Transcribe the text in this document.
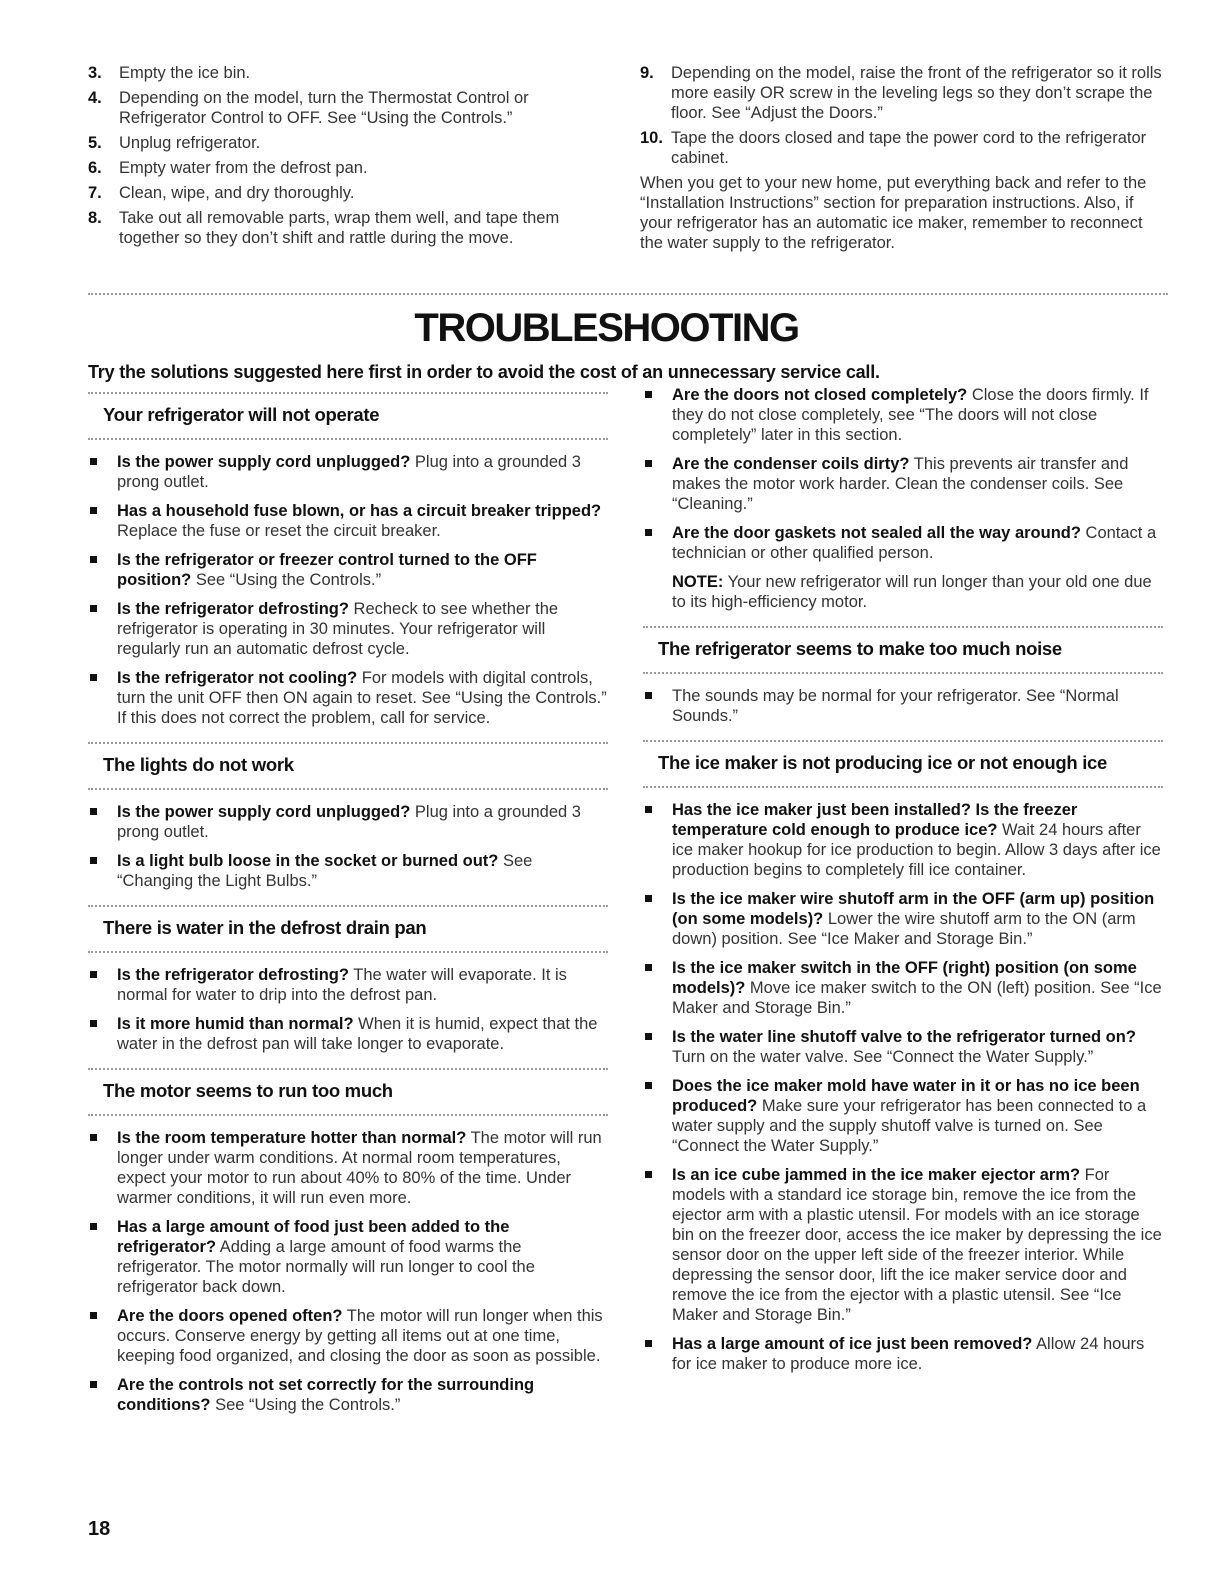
3. Empty the ice bin.
4. Depending on the model, turn the Thermostat Control or Refrigerator Control to OFF. See “Using the Controls.”
5. Unplug refrigerator.
6. Empty water from the defrost pan.
7. Clean, wipe, and dry thoroughly.
8. Take out all removable parts, wrap them well, and tape them together so they don’t shift and rattle during the move.
9. Depending on the model, raise the front of the refrigerator so it rolls more easily OR screw in the leveling legs so they don’t scrape the floor. See “Adjust the Doors.”
10. Tape the doors closed and tape the power cord to the refrigerator cabinet.
When you get to your new home, put everything back and refer to the “Installation Instructions” section for preparation instructions. Also, if your refrigerator has an automatic ice maker, remember to reconnect the water supply to the refrigerator.
TROUBLESHOOTING
Try the solutions suggested here first in order to avoid the cost of an unnecessary service call.
Your refrigerator will not operate
Is the power supply cord unplugged? Plug into a grounded 3 prong outlet.
Has a household fuse blown, or has a circuit breaker tripped? Replace the fuse or reset the circuit breaker.
Is the refrigerator or freezer control turned to the OFF position? See “Using the Controls.”
Is the refrigerator defrosting? Recheck to see whether the refrigerator is operating in 30 minutes. Your refrigerator will regularly run an automatic defrost cycle.
Is the refrigerator not cooling? For models with digital controls, turn the unit OFF then ON again to reset. See “Using the Controls.” If this does not correct the problem, call for service.
The lights do not work
Is the power supply cord unplugged? Plug into a grounded 3 prong outlet.
Is a light bulb loose in the socket or burned out? See “Changing the Light Bulbs.”
There is water in the defrost drain pan
Is the refrigerator defrosting? The water will evaporate. It is normal for water to drip into the defrost pan.
Is it more humid than normal? When it is humid, expect that the water in the defrost pan will take longer to evaporate.
The motor seems to run too much
Is the room temperature hotter than normal? The motor will run longer under warm conditions. At normal room temperatures, expect your motor to run about 40% to 80% of the time. Under warmer conditions, it will run even more.
Has a large amount of food just been added to the refrigerator? Adding a large amount of food warms the refrigerator. The motor normally will run longer to cool the refrigerator back down.
Are the doors opened often? The motor will run longer when this occurs. Conserve energy by getting all items out at one time, keeping food organized, and closing the door as soon as possible.
Are the controls not set correctly for the surrounding conditions? See “Using the Controls.”
Are the doors not closed completely? Close the doors firmly. If they do not close completely, see “The doors will not close completely” later in this section.
Are the condenser coils dirty? This prevents air transfer and makes the motor work harder. Clean the condenser coils. See “Cleaning.”
Are the door gaskets not sealed all the way around? Contact a technician or other qualified person.
NOTE: Your new refrigerator will run longer than your old one due to its high-efficiency motor.
The refrigerator seems to make too much noise
The sounds may be normal for your refrigerator. See “Normal Sounds.”
The ice maker is not producing ice or not enough ice
Has the ice maker just been installed? Is the freezer temperature cold enough to produce ice? Wait 24 hours after ice maker hookup for ice production to begin. Allow 3 days after ice production begins to completely fill ice container.
Is the ice maker wire shutoff arm in the OFF (arm up) position (on some models)? Lower the wire shutoff arm to the ON (arm down) position. See “Ice Maker and Storage Bin.”
Is the ice maker switch in the OFF (right) position (on some models)? Move ice maker switch to the ON (left) position. See “Ice Maker and Storage Bin.”
Is the water line shutoff valve to the refrigerator turned on? Turn on the water valve. See “Connect the Water Supply.”
Does the ice maker mold have water in it or has no ice been produced? Make sure your refrigerator has been connected to a water supply and the supply shutoff valve is turned on. See “Connect the Water Supply.”
Is an ice cube jammed in the ice maker ejector arm? For models with a standard ice storage bin, remove the ice from the ejector arm with a plastic utensil. For models with an ice storage bin on the freezer door, access the ice maker by depressing the ice sensor door on the upper left side of the freezer interior. While depressing the sensor door, lift the ice maker service door and remove the ice from the ejector with a plastic utensil. See “Ice Maker and Storage Bin.”
Has a large amount of ice just been removed? Allow 24 hours for ice maker to produce more ice.
18
